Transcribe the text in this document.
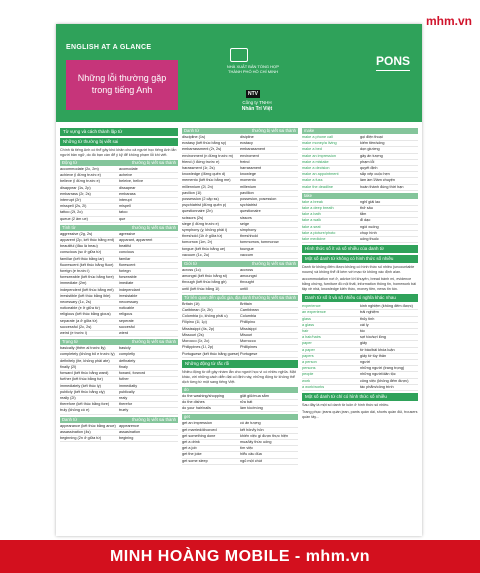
mhm.vn
ENGLISH AT A GLANCE
Những lỗi thường gặp
trong tiếng Anh
NHÀ XUẤT BẢN TỔNG HỢP
THÀNH PHỐ HỒ CHÍ MINH
NTV
Công ty TNHH
Nhân Trí Việt
PONS
Từ vựng và cách thành lập từ
Những từ thường bị viết sai
Chính tả tiếng Anh có thể gây khó khăn cho cả người học tiếng Anh lẫn người bản ngữ, do đó bạn cần để ý kỹ để không phạm lỗi khi viết.
Động từ	thường bị viết sai thành
accommodate (2c, 2m)	acomodate
achieve (i đứng trước e)	acheive
believe (i đứng trước e)	beleive, belive
disappear (1s, 2p)	dissapear
embarrass (2r, 2s)	embarass
interrupt (2r)	interupt
misspell (2s, 2l)	mispell
tattoo (2t, 2o)	tatoo
queue (2 âm ue)	que
Tính từ	thường bị viết sai thành
aggressive (2g, 2s)	agressive
apparent (2p, kết thúc bằng ent)	apparant, apparrent
beautiful (đầu là beau)	beatiful
conscious (sc ở giữa từ)	concious
familiar (kết thúc bằng iar)	familar
fluorescent (kết thúc bằng fluor)	florescent
foreign (e trước i)	foriegn
foreseeable (kết thúc bằng fore)	forseeable
immediate (2m)	imediate
independent (kết thúc bằng ent)	independant
irresistible (kết thúc bằng ible)	irresistable
necessary (1c, 2s)	neccessary
noticeable (e ở giữa từ)	noticable
religious (kết thúc bằng gious)	religous
separate (a ở giữa từ)	seperate
successful (2c, 2s)	succesful
weird (e trước i)	wierd
Trạng từ	thường bị viết sai thành
basically (thêm al trước lly)	basicly
completely (không bỏ e trước ly)	completly
definitely (ite, không phải ate)	definately
finally (2l)	finaly
forward (kết thúc bằng ward)	foward, forword
further (kết thúc bằng fur)	futher
immediately (kết thúc ly)	immediatly
publicly (kết thúc bằng cly)	publically
really (2l)	realy
therefore (kết thúc bằng fore)	therefor
truly (không có e)	truely
Danh từ	thường bị viết sai thành
appearance (kết thúc bằng ance) appearence
assassination (4s)	assasination
beginning (2n ở giữa từ)	begining
Danh từ	thường bị viết sai thành
discipline (1s)	disipline
ecstasy (kết thúc bằng sy)	ecstacy
embarrassment (2r, 2s)	embarassment
environment (n đứng trước m)	enviroment
friend (i đứng trước e)	freind
harassment (1r, 2s)	harrassment
knowledge (đừng quên d)	knowlege
memento (kết thúc bằng me)	momento
millennium (2l, 2n)	millenium
pavilion (1l)	pavillion
possession (2 cặp ss)	possesion, posession
psychiatrist (đừng quên p)	sychiatrist
questionnaire (2n)	questionaire
scissors (2s)	sissors
siege (i đứng trước e)	seige
symphony (y, không phải i)	simphony
threshold (1h ở giữa từ)	threshhold
tomorrow (1m, 2r)	tommorrow, tommorow
tongue (kết thúc bằng ue)	toungue
vacuum (1c, 2u)	vaccum
Giới từ	thường bị viết sai thành
across (1c)	accross
amongst (kết thúc bằng st)	amoungst
through (kết thúc bằng gh)	throught
until (kết thúc bằng 1l)	untill
Từ liên quan đến quốc gia, địa danh thường bị viết sai thành
Britain (1t)	Brittain
Caribbean (1r, 2b)	Carribbean
Colombia (o, không phải u)	Columbia
Filipino (1l, 1p)	Phillipino
Mississippi (4s, 2p)	Missisippi
Missouri (2s)	Misouri
Morocco (1r, 2c)	Morrocco
Philippines (1l, 2p)	Phillipines
Portuguese (kết thúc bằng guese) Portugese
Những động từ rắc rối
Nhiều động từ dễ gây nhầm lẫn cho người học vì có nhiều nghĩa. Mặt khác, với những cách diễn đạt cố định này, những động từ không thể dịch từng từ một sang tiếng Việt.
do
do the washing/shopping	giặt giũ/mua sắm
do the dishes	rửa bát
do your hair/nails	làm tóc/móng
get
get an impression	có ấn tượng
get married/divorced	kết hôn/ly hôn
get something done	khiến việc gì được thực hiện
get a drink	mua/lấy thức uống
get a job	tìm việc
get the joke	hiểu câu đùa
get some sleep	ngủ một chút
make
make a phone call	gọi điện thoại
make money/a living	kiếm tiền/sống
make a bed	dọn giường
make an impression	gây ấn tượng
make a mistake	phạm lỗi
make a decision	quyết định
make an appointment	sắp xếp cuộc hẹn
make a fuss	làm ầm ĩ/làm chuyện
make the deadline	hoàn thành đúng thời hạn
take
take a break	nghỉ giải lao
take a deep breath	thở sâu
take a bath	tắm
take a walk	đi dạo
take a seat	ngồi xuống
take a picture/photo	chụp hình
take medicine	uống thuốc
Hình thức số ít và số nhiều của danh từ
Một số danh từ không có hình thức số nhiều
Danh từ không đếm được không có hình thức số nhiều (uncountable nouns) và không thể đi kèm với mạo từ không xác định a/an.
accommodation nơi ở, advice lời khuyên, bread bánh mì, evidence bằng chứng, furniture đồ nội thất, information thông tin, homework bài tập về nhà, knowledge kiến thức, money tiền, news tin tức.
Danh từ số ít và số nhiều có nghĩa khác nhau
experience	kinh nghiệm (không đếm được)
an experience	trải nghiệm
glass	thủy tinh
a glass	cái ly
hair	tóc
a hair/hairs	sợi tóc/sợi lông
paper	giấy
a paper	tờ báo/bài khóa luận
papers	giấy tờ tùy thân
a person	người
persons	những người (trang trọng)
people	những người/dân tộc
work	công việc (không đếm được)
a work/works	tác phẩm/công trình
Một số danh từ chỉ có hình thức số nhiều
Sau đây là một số danh từ luôn ở hình thức số nhiều.
Trang phục: jeans quần jean, pants quần dài, shorts quần đùi, trousers quần tây...
MINH HOÀNG MOBILE - mhm.vn
